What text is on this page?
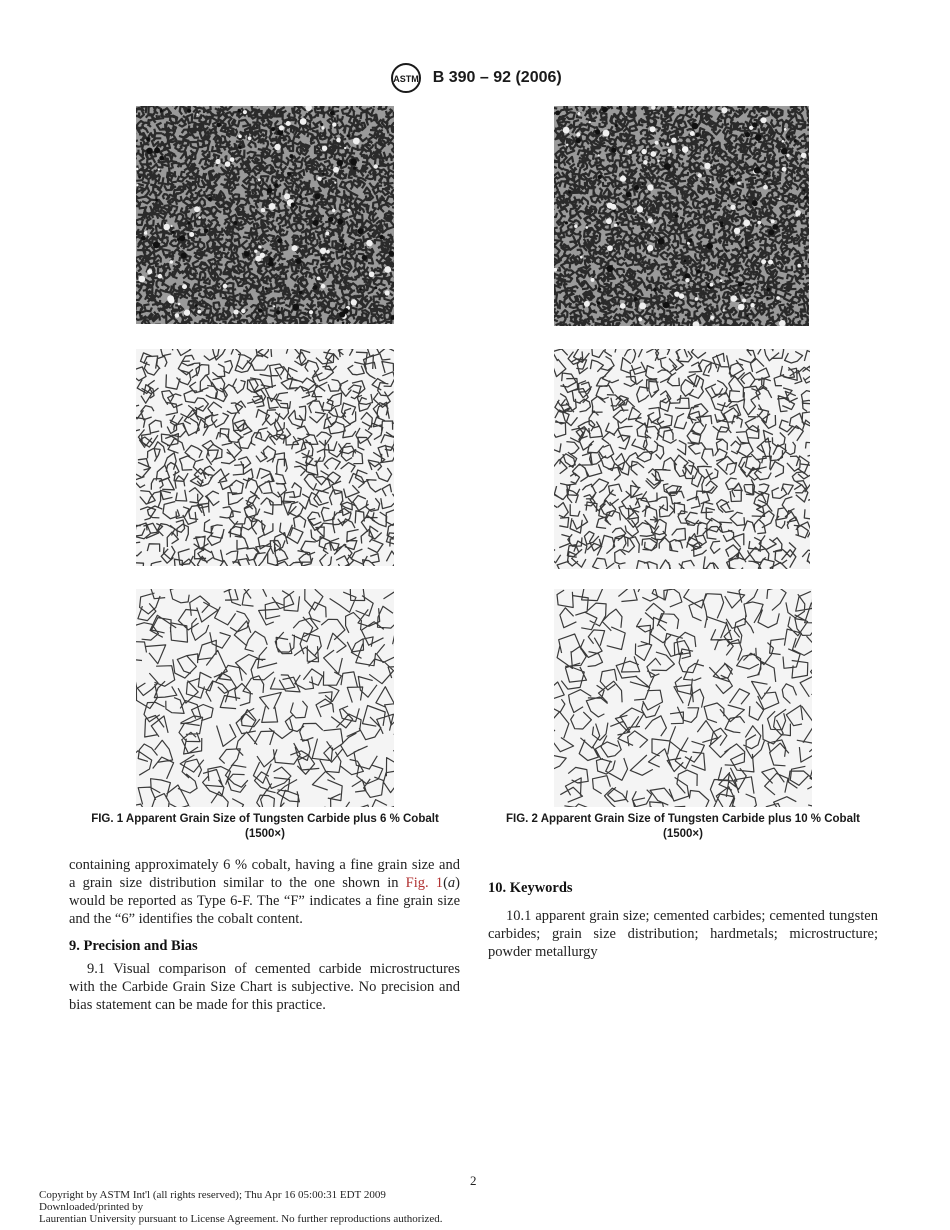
ASTM B 390 – 92 (2006)
FIG. 1 Apparent Grain Size of Tungsten Carbide plus 6 % Cobalt
(1500×)
FIG. 2 Apparent Grain Size of Tungsten Carbide plus 10 % Cobalt
(1500×)
containing approximately 6 % cobalt, having a fine grain size and a grain size distribution similar to the one shown in Fig. 1(a) would be reported as Type 6-F. The “F” indicates a fine grain size and the “6” identifies the cobalt content.
9. Precision and Bias
9.1 Visual comparison of cemented carbide microstructures with the Carbide Grain Size Chart is subjective. No precision and bias statement can be made for this practice.
10. Keywords
10.1 apparent grain size; cemented carbides; cemented tungsten carbides; grain size distribution; hardmetals; microstructure; powder metallurgy
2
Copyright by ASTM Int'l (all rights reserved); Thu Apr 16 05:00:31 EDT 2009
Downloaded/printed by
Laurentian University pursuant to License Agreement. No further reproductions authorized.
